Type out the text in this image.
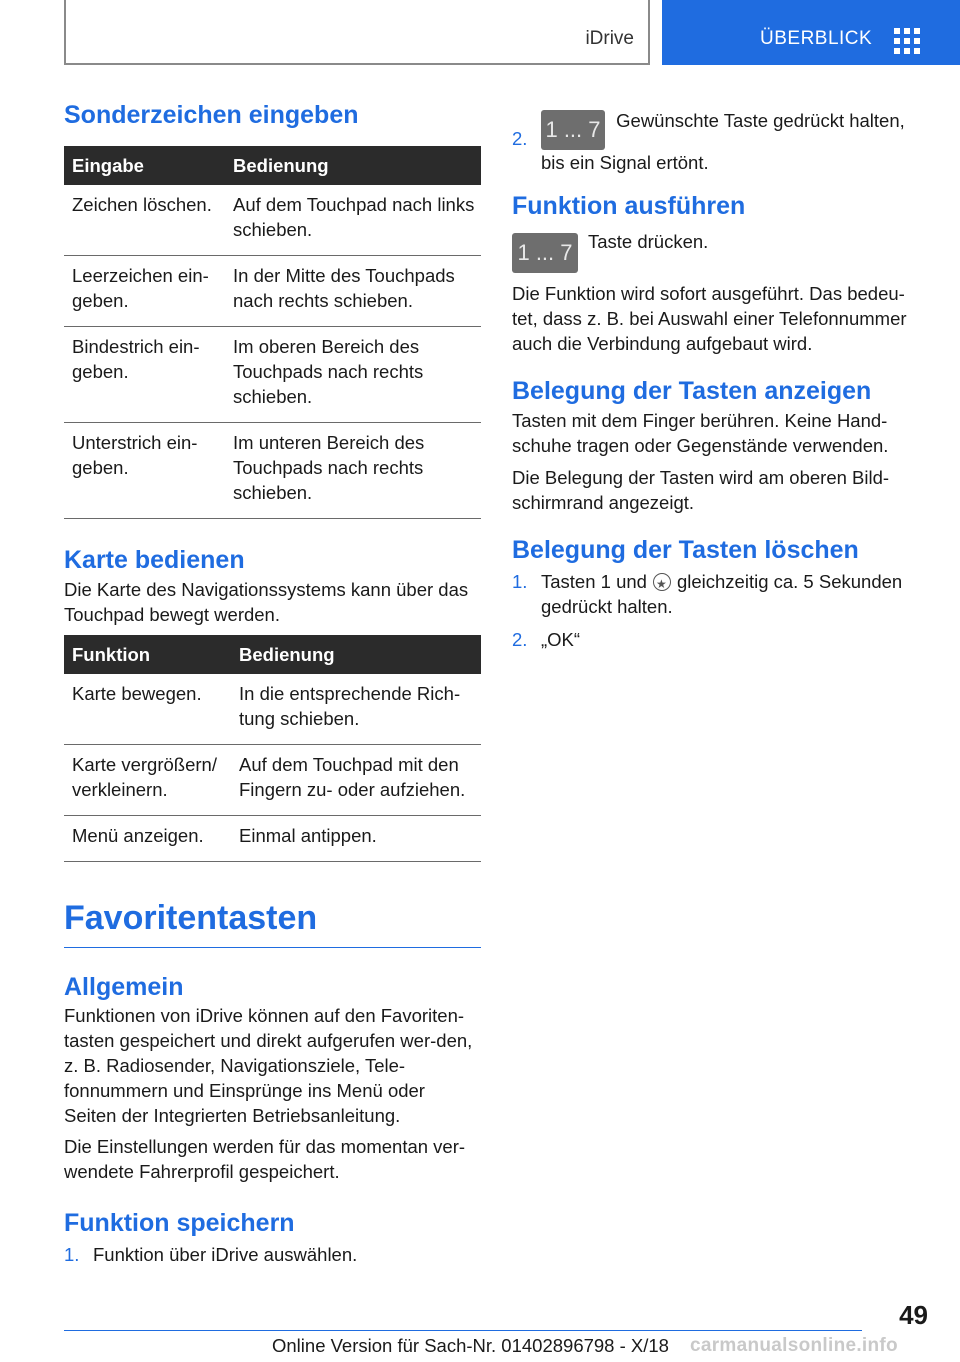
iDrive	ÜBERBLICK
Sonderzeichen eingeben
Eingabe	Bedienung
Zeichen löschen.	Auf dem Touchpad nach links schieben.
Leerzeichen ein-geben.	In der Mitte des Touchpads nach rechts schieben.
Bindestrich ein-geben.	Im oberen Bereich des Touchpads nach rechts schieben.
Unterstrich ein-geben.	Im unteren Bereich des Touchpads nach rechts schieben.
Karte bedienen

Die Karte des Navigationssystems kann über das Touchpad bewegt werden.

Funktion	Bedienung
Karte bewegen.	In die entsprechende Rich-tung schieben.
Karte vergrößern/ verkleinern.	Auf dem Touchpad mit den Fingern zu- oder aufziehen.
Menü anzeigen.	Einmal antippen.
Favoritentasten
Allgemein

Funktionen von iDrive können auf den Favoriten-tasten gespeichert und direkt aufgerufen wer-den, z. B. Radiosender, Navigationsziele, Tele-fonnummern und Einsprünge ins Menü oder Seiten der Integrierten Betriebsanleitung.

Die Einstellungen werden für das momentan ver-wendete Fahrerprofil gespeichert.

Funktion speichern
1. Funktion über iDrive auswählen.
2. 1 ... 7 Gewünschte Taste gedrückt halten, bis ein Signal ertönt.
Funktion ausführen
1 ... 7 Taste drücken.

Die Funktion wird sofort ausgeführt. Das bedeu-tet, dass z. B. bei Auswahl einer Telefonnummer auch die Verbindung aufgebaut wird.

Belegung der Tasten anzeigen

Tasten mit dem Finger berühren. Keine Hand-schuhe tragen oder Gegenstände verwenden.

Die Belegung der Tasten wird am oberen Bild-schirmrand angezeigt.

Belegung der Tasten löschen
1. Tasten 1 und ★ gleichzeitig ca. 5 Sekunden gedrückt halten.
2. „OK“
49
Online Version für Sach-Nr. 01402896798 - X/18 carmanualsonline.info
